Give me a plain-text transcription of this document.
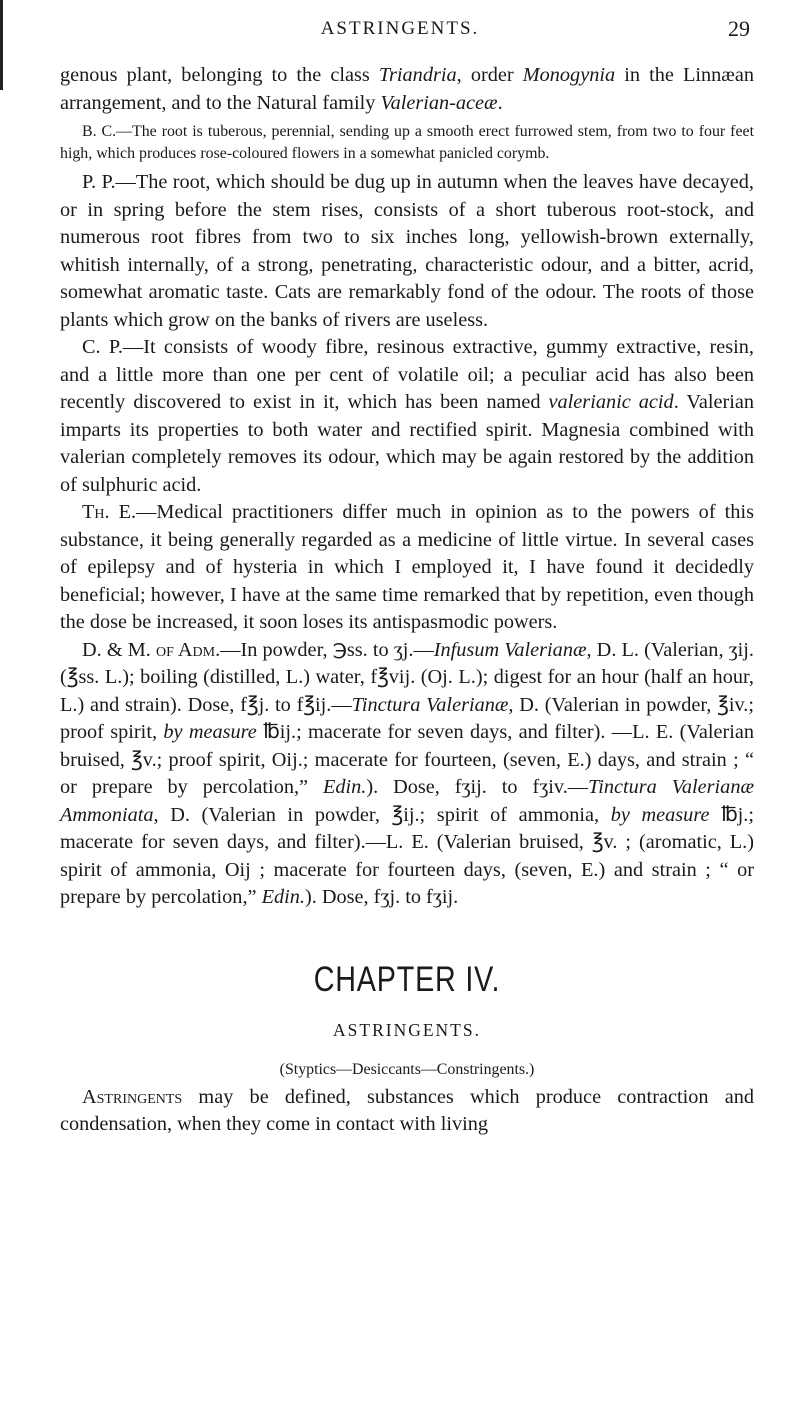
ASTRINGENTS.	29

genous plant, belonging to the class Triandria, order Monogynia in the Linnæan arrangement, and to the Natural family Valerian-aceæ.

B. C.—The root is tuberous, perennial, sending up a smooth erect furrowed stem, from two to four feet high, which produces rose-coloured flowers in a somewhat panicled corymb.

P. P.—The root, which should be dug up in autumn when the leaves have decayed, or in spring before the stem rises, consists of a short tuberous root-stock, and numerous root fibres from two to six inches long, yellowish-brown externally, whitish internally, of a strong, penetrating, characteristic odour, and a bitter, acrid, somewhat aromatic taste. Cats are remarkably fond of the odour. The roots of those plants which grow on the banks of rivers are useless.

C. P.—It consists of woody fibre, resinous extractive, gummy extractive, resin, and a little more than one per cent of volatile oil; a peculiar acid has also been recently discovered to exist in it, which has been named valerianic acid. Valerian imparts its properties to both water and rectified spirit. Magnesia combined with valerian completely removes its odour, which may be again restored by the addition of sulphuric acid.

Th. E.—Medical practitioners differ much in opinion as to the powers of this substance, it being generally regarded as a medicine of little virtue. In several cases of epilepsy and of hysteria in which I employed it, I have found it decidedly beneficial; however, I have at the same time remarked that by repetition, even though the dose be increased, it soon loses its antispasmodic powers.

D. & M. of Adm.—In powder, ℈ss. to ʒj.—Infusum Valerianæ, D. L. (Valerian, ʒij. (℥ss. L.); boiling (distilled, L.) water, f℥vij. (Oj. L.); digest for an hour (half an hour, L.) and strain). Dose, f℥j. to f℥ij.—Tinctura Valerianæ, D. (Valerian in powder, ℥iv.; proof spirit, by measure ℔ij.; macerate for seven days, and filter). —L. E. (Valerian bruised, ℥v.; proof spirit, Oij.; macerate for fourteen, (seven, E.) days, and strain ; “ or prepare by percolation,” Edin.). Dose, fʒij. to fʒiv.—Tinctura Valerianæ Ammoniata, D. (Valerian in powder, ℥ij.; spirit of ammonia, by measure ℔j.; macerate for seven days, and filter).—L. E. (Valerian bruised, ℥v. ; (aromatic, L.) spirit of ammonia, Oij ; macerate for fourteen days, (seven, E.) and strain ; “ or prepare by percolation,” Edin.). Dose, fʒj. to fʒij.

CHAPTER IV.
ASTRINGENTS.
(Styptics—Desiccants—Constringents.)

Astringents may be defined, substances which produce contraction and condensation, when they come in contact with living
